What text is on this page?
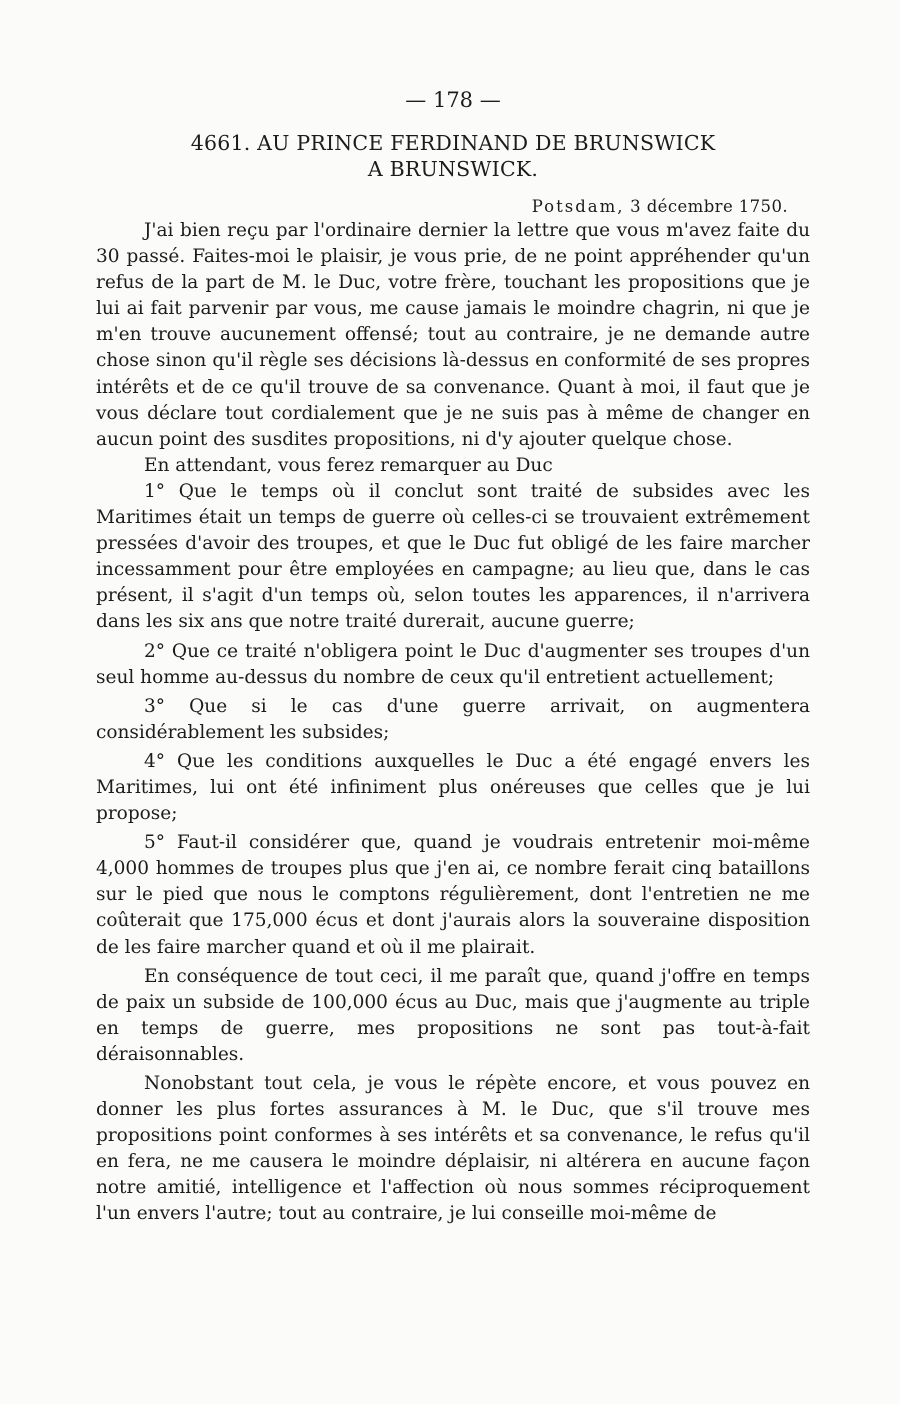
— 178 —

4661. AU PRINCE FERDINAND DE BRUNSWICK

A BRUNSWICK.

Potsdam, 3 décembre 1750.

J'ai bien reçu par l'ordinaire dernier la lettre que vous m'avez faite du 30 passé. Faites-moi le plaisir, je vous prie, de ne point appréhender qu'un refus de la part de M. le Duc, votre frère, touchant les propositions que je lui ai fait parvenir par vous, me cause jamais le moindre chagrin, ni que je m'en trouve aucunement offensé; tout au contraire, je ne demande autre chose sinon qu'il règle ses décisions là-dessus en conformité de ses propres intérêts et de ce qu'il trouve de sa convenance. Quant à moi, il faut que je vous déclare tout cordialement que je ne suis pas à même de changer en aucun point des susdites propositions, ni d'y ajouter quelque chose.

En attendant, vous ferez remarquer au Duc

1° Que le temps où il conclut sont traité de subsides avec les Maritimes était un temps de guerre où celles-ci se trouvaient extrêmement pressées d'avoir des troupes, et que le Duc fut obligé de les faire marcher incessamment pour être employées en campagne; au lieu que, dans le cas présent, il s'agit d'un temps où, selon toutes les apparences, il n'arrivera dans les six ans que notre traité durerait, aucune guerre;

2° Que ce traité n'obligera point le Duc d'augmenter ses troupes d'un seul homme au-dessus du nombre de ceux qu'il entretient actuellement;

3° Que si le cas d'une guerre arrivait, on augmentera considérablement les subsides;

4° Que les conditions auxquelles le Duc a été engagé envers les Maritimes, lui ont été infiniment plus onéreuses que celles que je lui propose;

5° Faut-il considérer que, quand je voudrais entretenir moi-même 4,000 hommes de troupes plus que j'en ai, ce nombre ferait cinq bataillons sur le pied que nous le comptons régulièrement, dont l'entretien ne me coûterait que 175,000 écus et dont j'aurais alors la souveraine disposition de les faire marcher quand et où il me plairait.

En conséquence de tout ceci, il me paraît que, quand j'offre en temps de paix un subside de 100,000 écus au Duc, mais que j'augmente au triple en temps de guerre, mes propositions ne sont pas tout-à-fait déraisonnables.

Nonobstant tout cela, je vous le répète encore, et vous pouvez en donner les plus fortes assurances à M. le Duc, que s'il trouve mes propositions point conformes à ses intérêts et sa convenance, le refus qu'il en fera, ne me causera le moindre déplaisir, ni altérera en aucune façon notre amitié, intelligence et l'affection où nous sommes réciproquement l'un envers l'autre; tout au contraire, je lui conseille moi-même de
